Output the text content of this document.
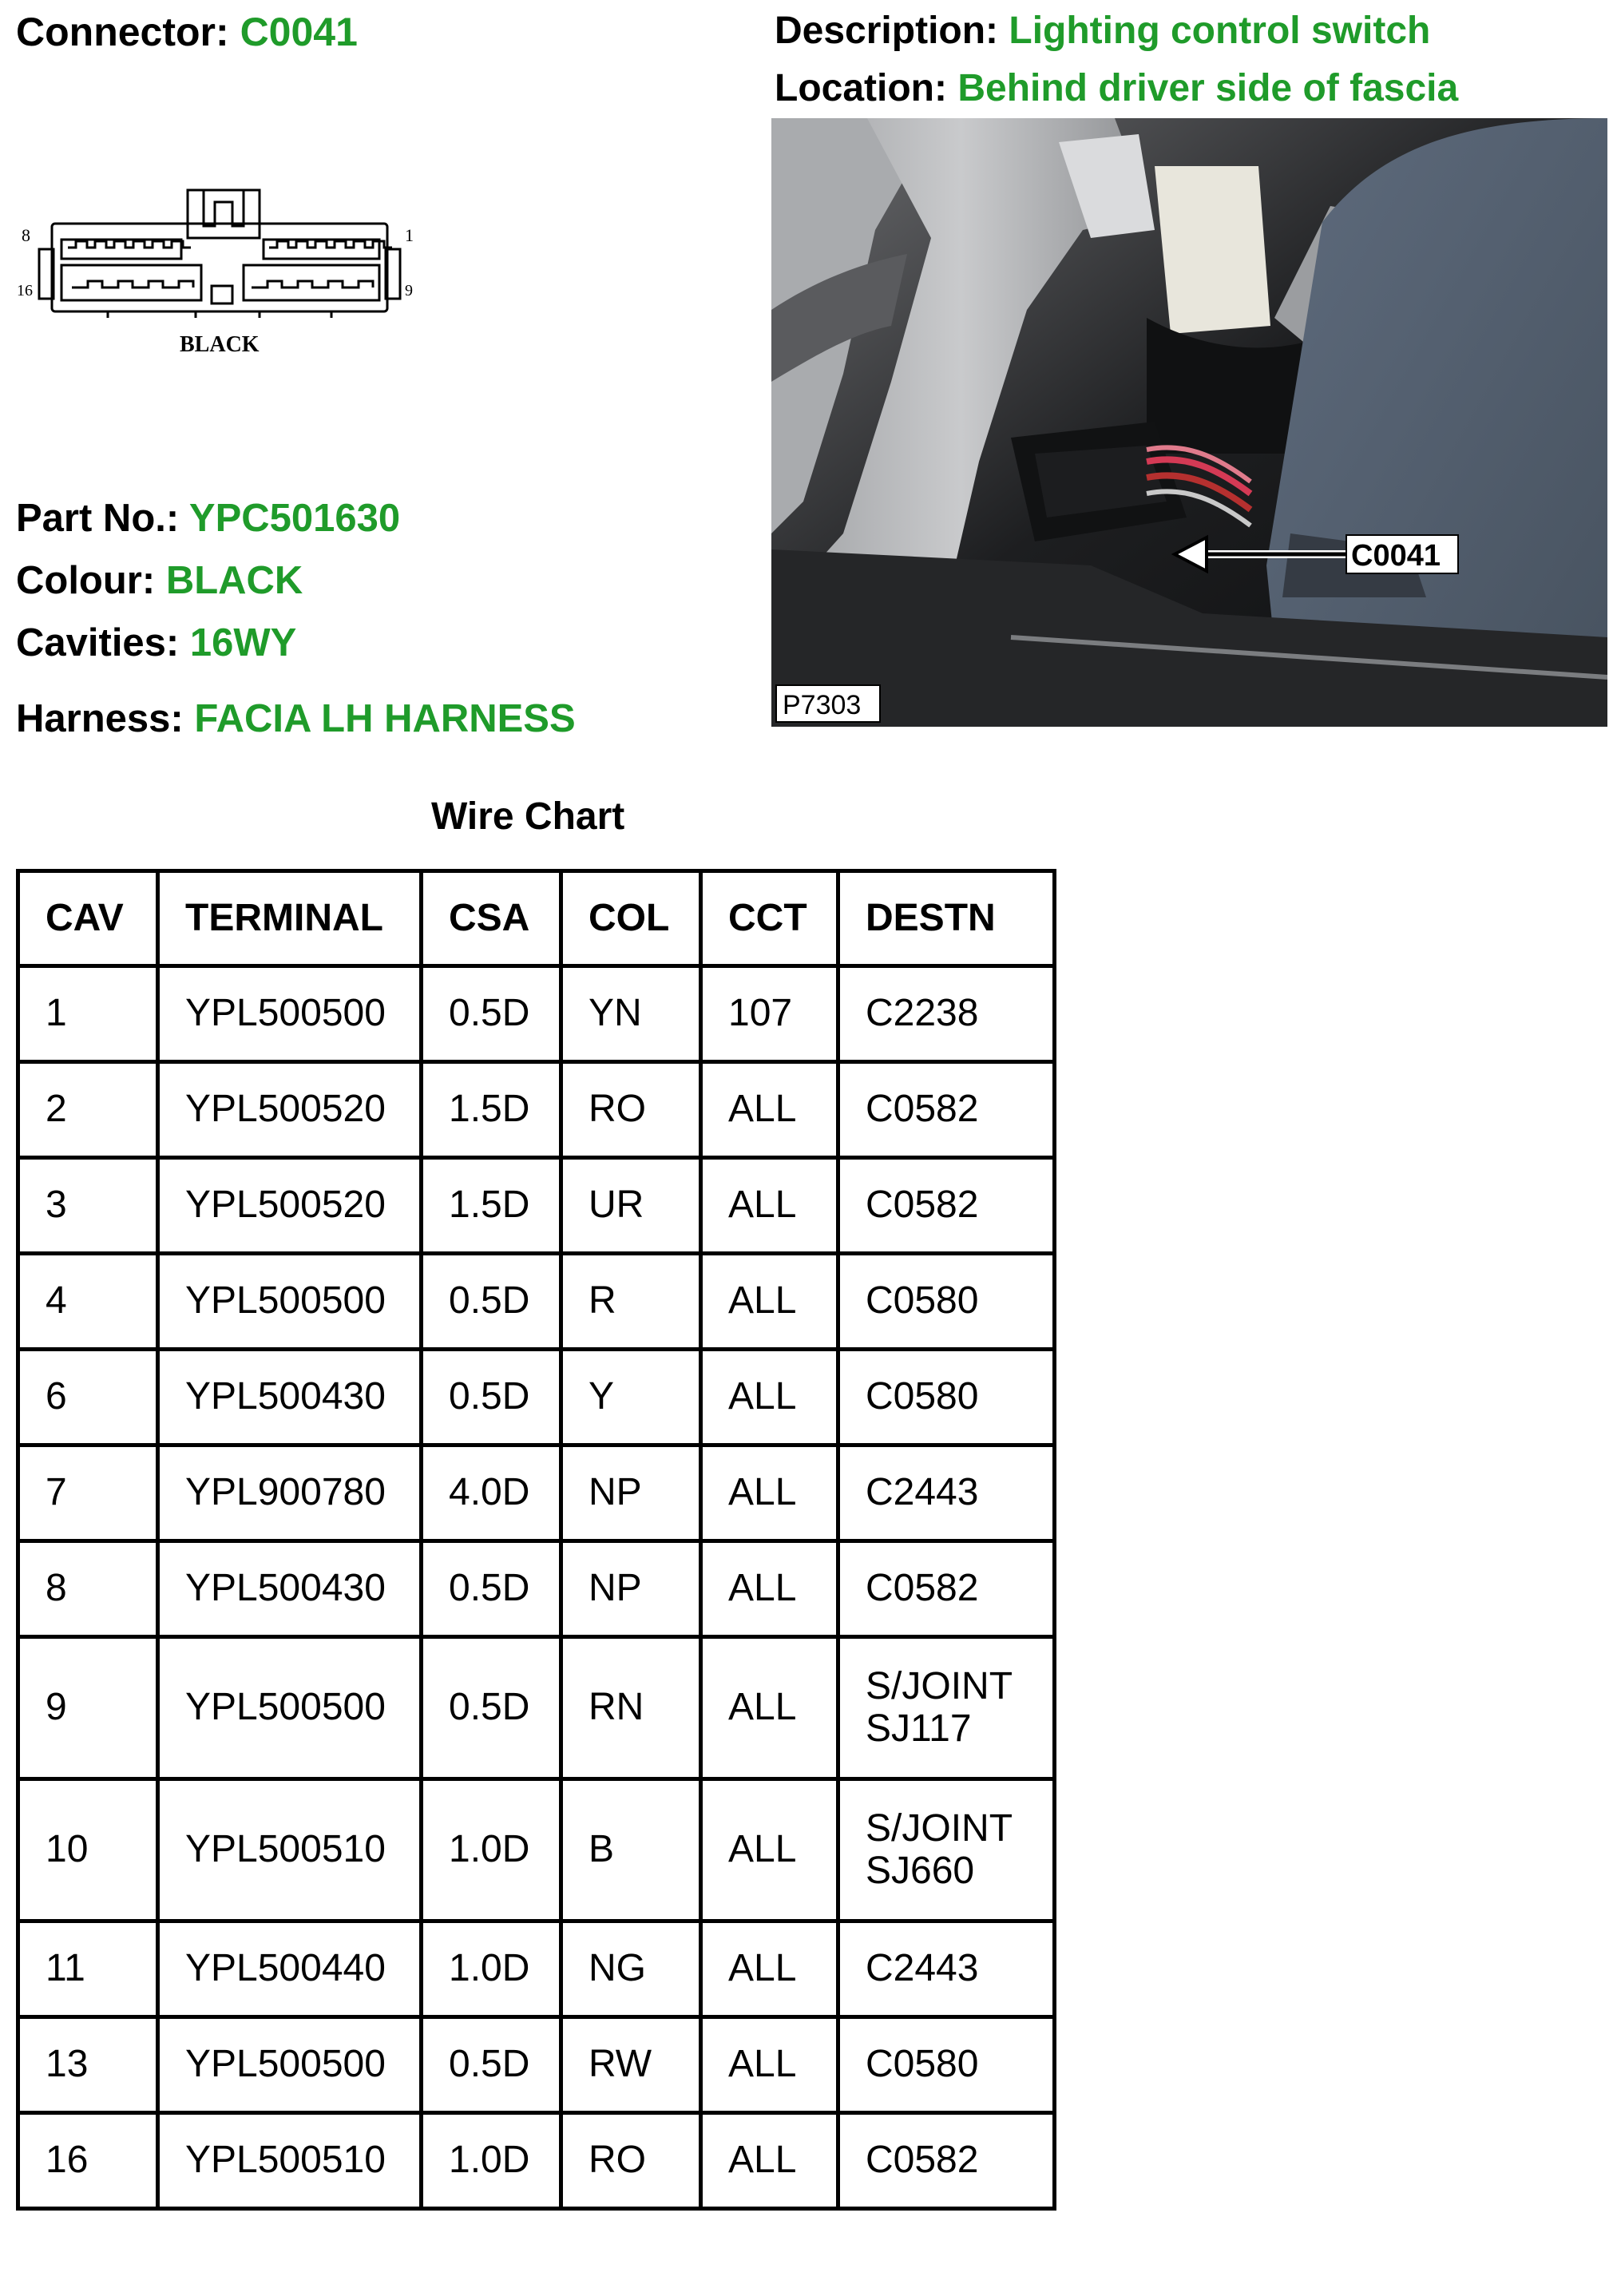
Connector: C0041	Description: Lighting control switch
Location: Behind driver side of fascia
8
16
1
9
BLACK
C0041
P7303
Part No.: YPC501630
Colour: BLACK
Cavities: 16WY
Harness: FACIA LH HARNESS
Wire Chart
CAV	TERMINAL	CSA	COL	CCT	DESTN
1	YPL500500	0.5D	YN	107	C2238

2	YPL500520	1.5D	RO	ALL	C0582

3	YPL500520	1.5D	UR	ALL	C0582

4	YPL500500	0.5D	R	ALL	C0580

6	YPL500430	0.5D	Y	ALL	C0580

7	YPL900780	4.0D	NP	ALL	C2443

8	YPL500430	0.5D	NP	ALL	C0582

9	YPL500500	0.5D	RN	ALL	S/JOINT
SJ117

10	YPL500510	1.0D	B	ALL	S/JOINT
SJ660

11	YPL500440	1.0D	NG	ALL	C2443

13	YPL500500	0.5D	RW	ALL	C0580

16	YPL500510	1.0D	RO	ALL	C0582
